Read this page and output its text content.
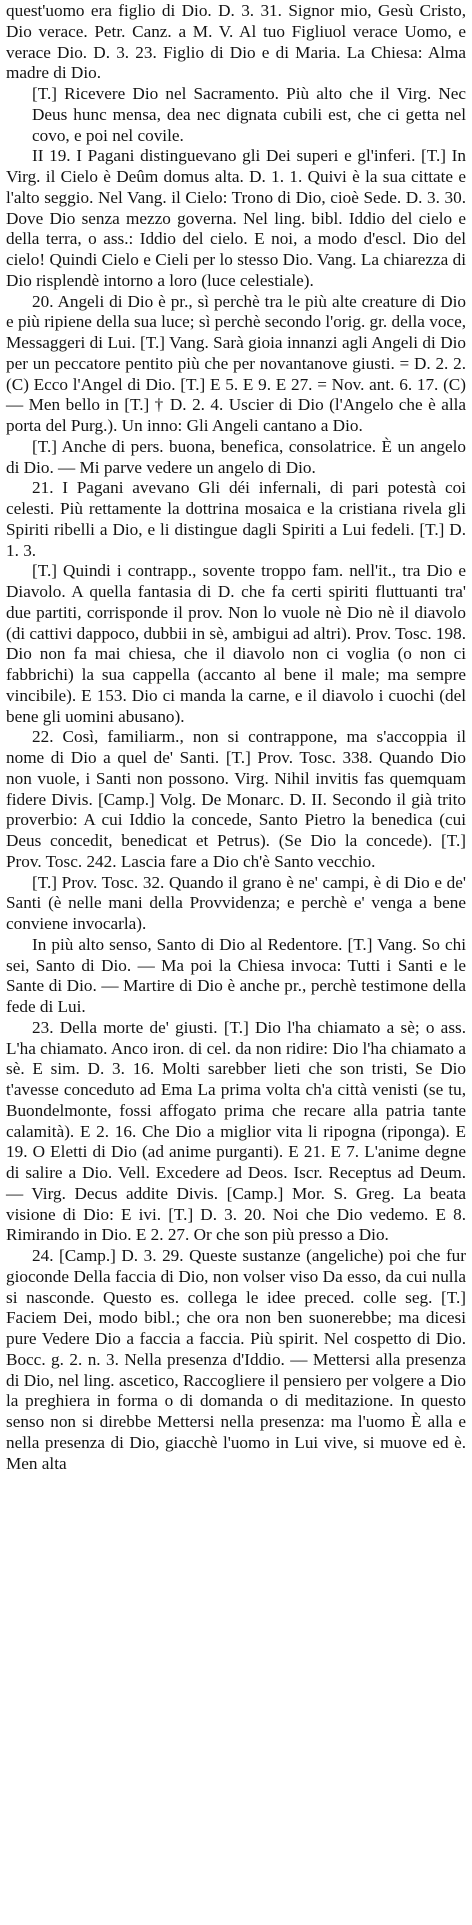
quest'uomo era figlio di Dio. D. 3. 31. Signor mio, Gesù Cristo, Dio verace. Petr. Canz. a M. V. Al tuo Figliuol verace Uomo, e verace Dio. D. 3. 23. Figlio di Dio e di Maria. La Chiesa: Alma madre di Dio.

[T.] Ricevere Dio nel Sacramento. Più alto che il Virg. Nec Deus hunc mensa, dea nec dignata cubili est, che ci getta nel covo, e poi nel covile.

II 19. I Pagani distinguevano gli Dei superi e gl'inferi. [T.] In Virg. il Cielo è Deûm domus alta. D. 1. 1. Quivi è la sua cittate e l'alto seggio. Nel Vang. il Cielo: Trono di Dio, cioè Sede. D. 3. 30. Dove Dio senza mezzo governa. Nel ling. bibl. Iddio del cielo e della terra, o ass.: Iddio del cielo. E noi, a modo d'escl. Dio del cielo! Quindi Cielo e Cieli per lo stesso Dio. Vang. La chiarezza di Dio risplendè intorno a loro (luce celestiale).

20. Angeli di Dio è pr., sì perchè tra le più alte creature di Dio e più ripiene della sua luce; sì perchè secondo l'orig. gr. della voce, Messaggeri di Lui. [T.] Vang. Sarà gioia innanzi agli Angeli di Dio per un peccatore pentito più che per novantanove giusti. = D. 2. 2. (C) Ecco l'Angel di Dio. [T.] E 5. E 9. E 27. = Nov. ant. 6. 17. (C) — Men bello in [T.] † D. 2. 4. Uscier di Dio (l'Angelo che è alla porta del Purg.). Un inno: Gli Angeli cantano a Dio.

[T.] Anche di pers. buona, benefica, consolatrice. È un angelo di Dio. — Mi parve vedere un angelo di Dio.

21. I Pagani avevano Gli déi infernali, di pari potestà coi celesti. Più rettamente la dottrina mosaica e la cristiana rivela gli Spiriti ribelli a Dio, e li distingue dagli Spiriti a Lui fedeli. [T.] D. 1. 3.

[T.] Quindi i contrapp., sovente troppo fam. nell'it., tra Dio e Diavolo. A quella fantasia di D. che fa certi spiriti fluttuanti tra' due partiti, corrisponde il prov. Non lo vuole nè Dio nè il diavolo (di cattivi dappoco, dubbii in sè, ambigui ad altri). Prov. Tosc. 198. Dio non fa mai chiesa, che il diavolo non ci voglia (o non ci fabbrichi) la sua cappella (accanto al bene il male; ma sempre vincibile). E 153. Dio ci manda la carne, e il diavolo i cuochi (del bene gli uomini abusano).

22. Così, familiarm., non si contrappone, ma s'accoppia il nome di Dio a quel de' Santi. [T.] Prov. Tosc. 338. Quando Dio non vuole, i Santi non possono. Virg. Nihil invitis fas quemquam fidere Divis. [Camp.] Volg. De Monarc. D. II. Secondo il già trito proverbio: A cui Iddio la concede, Santo Pietro la benedica (cui Deus concedit, benedicat et Petrus). (Se Dio la concede). [T.] Prov. Tosc. 242. Lascia fare a Dio ch'è Santo vecchio.

[T.] Prov. Tosc. 32. Quando il grano è ne' campi, è di Dio e de' Santi (è nelle mani della Provvidenza; e perchè e' venga a bene conviene invocarla).

In più alto senso, Santo di Dio al Redentore. [T.] Vang. So chi sei, Santo di Dio. — Ma poi la Chiesa invoca: Tutti i Santi e le Sante di Dio. — Martire di Dio è anche pr., perchè testimone della fede di Lui.

23. Della morte de' giusti. [T.] Dio l'ha chiamato a sè; o ass. L'ha chiamato. Anco iron. di cel. da non ridire: Dio l'ha chiamato a sè. E sim. D. 3. 16. Molti sarebber lieti che son tristi, Se Dio t'avesse conceduto ad Ema La prima volta ch'a città venisti (se tu, Buondelmonte, fossi affogato prima che recare alla patria tante calamità). E 2. 16. Che Dio a miglior vita li ripogna (riponga). E 19. O Eletti di Dio (ad anime purganti). E 21. E 7. L'anime degne di salire a Dio. Vell. Excedere ad Deos. Iscr. Receptus ad Deum. — Virg. Decus addite Divis. [Camp.] Mor. S. Greg. La beata visione di Dio: E ivi. [T.] D. 3. 20. Noi che Dio vedemo. E 8. Rimirando in Dio. E 2. 27. Or che son più presso a Dio.

24. [Camp.] D. 3. 29. Queste sustanze (angeliche) poi che fur gioconde Della faccia di Dio, non volser viso Da esso, da cui nulla si nasconde. Questo es. collega le idee preced. colle seg. [T.] Faciem Dei, modo bibl.; che ora non ben suonerebbe; ma dicesi pure Vedere Dio a faccia a faccia. Più spirit. Nel cospetto di Dio. Bocc. g. 2. n. 3. Nella presenza d'Iddio. — Mettersi alla presenza di Dio, nel ling. ascetico, Raccogliere il pensiero per volgere a Dio la preghiera in forma o di domanda o di meditazione. In questo senso non si direbbe Mettersi nella presenza: ma l'uomo È alla e nella presenza di Dio, giacchè l'uomo in Lui vive, si muove ed è. Men alta
